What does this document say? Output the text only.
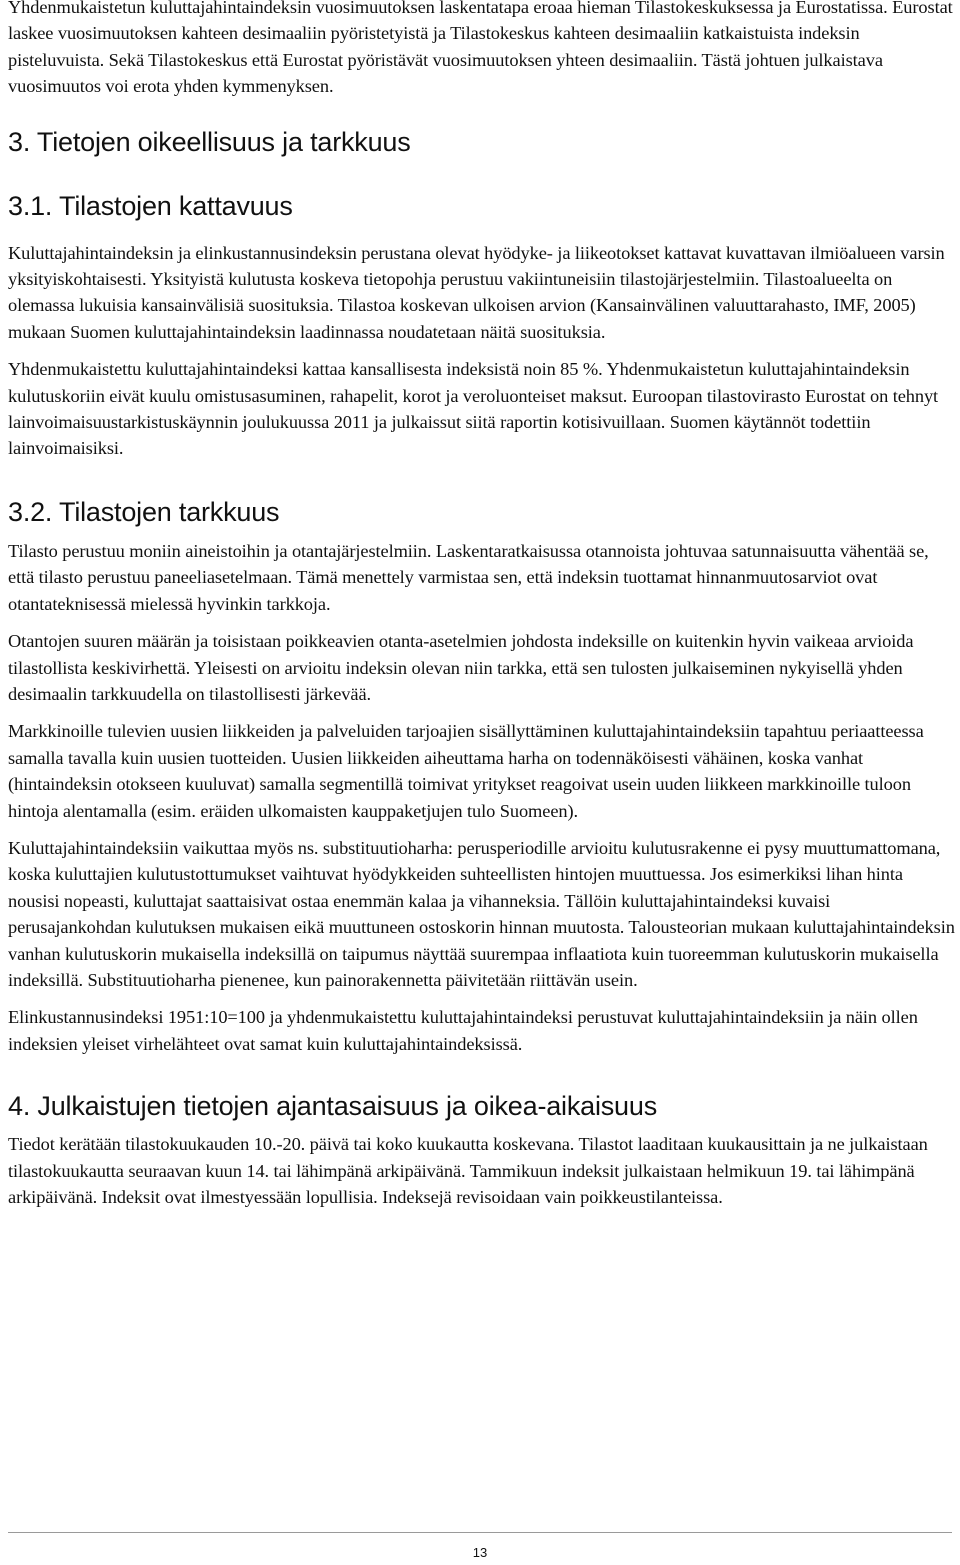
Yhdenmukaistetun kuluttajahintaindeksin vuosimuutoksen laskentatapa eroaa hieman Tilastokeskuksessa ja Eurostatissa. Eurostat laskee vuosimuutoksen kahteen desimaaliin pyöristetyistä ja Tilastokeskus kahteen desimaaliin katkaistuista indeksin pisteluvuista. Sekä Tilastokeskus että Eurostat pyöristävät vuosimuutoksen yhteen desimaaliin. Tästä johtuen julkaistava vuosimuutos voi erota yhden kymmenyksen.

3. Tietojen oikeellisuus ja tarkkuus
3.1. Tilastojen kattavuus

Kuluttajahintaindeksin ja elinkustannusindeksin perustana olevat hyödyke- ja liikeotokset kattavat kuvattavan ilmiöalueen varsin yksityiskohtaisesti. Yksityistä kulutusta koskeva tietopohja perustuu vakiintuneisiin tilastojärjestelmiin. Tilastoalueelta on olemassa lukuisia kansainvälisiä suosituksia. Tilastoa koskevan ulkoisen arvion (Kansainvälinen valuuttarahasto, IMF, 2005) mukaan Suomen kuluttajahintaindeksin laadinnassa noudatetaan näitä suosituksia.

Yhdenmukaistettu kuluttajahintaindeksi kattaa kansallisesta indeksistä noin 85 %. Yhdenmukaistetun kuluttajahintaindeksin kulutuskoriin eivät kuulu omistusasuminen, rahapelit, korot ja veroluonteiset maksut. Euroopan tilastovirasto Eurostat on tehnyt lainvoimaisuustarkistuskäynnin joulukuussa 2011 ja julkaissut siitä raportin kotisivuillaan. Suomen käytännöt todettiin lainvoimaisiksi.

3.2. Tilastojen tarkkuus

Tilasto perustuu moniin aineistoihin ja otantajärjestelmiin. Laskentaratkaisussa otannoista johtuvaa satunnaisuutta vähentää se, että tilasto perustuu paneeliasetelmaan. Tämä menettely varmistaa sen, että indeksin tuottamat hinnanmuutosarviot ovat otantateknisessä mielessä hyvinkin tarkkoja.

Otantojen suuren määrän ja toisistaan poikkeavien otanta-asetelmien johdosta indeksille on kuitenkin hyvin vaikeaa arvioida tilastollista keskivirhettä. Yleisesti on arvioitu indeksin olevan niin tarkka, että sen tulosten julkaiseminen nykyisellä yhden desimaalin tarkkuudella on tilastollisesti järkevää.

Markkinoille tulevien uusien liikkeiden ja palveluiden tarjoajien sisällyttäminen kuluttajahintaindeksiin tapahtuu periaatteessa samalla tavalla kuin uusien tuotteiden. Uusien liikkeiden aiheuttama harha on todennäköisesti vähäinen, koska vanhat (hintaindeksin otokseen kuuluvat) samalla segmentillä toimivat yritykset reagoivat usein uuden liikkeen markkinoille tuloon hintoja alentamalla (esim. eräiden ulkomaisten kauppaketjujen tulo Suomeen).

Kuluttajahintaindeksiin vaikuttaa myös ns. substituutioharha: perusperiodille arvioitu kulutusrakenne ei pysy muuttumattomana, koska kuluttajien kulutustottumukset vaihtuvat hyödykkeiden suhteellisten hintojen muuttuessa. Jos esimerkiksi lihan hinta nousisi nopeasti, kuluttajat saattaisivat ostaa enemmän kalaa ja vihanneksia. Tällöin kuluttajahintaindeksi kuvaisi perusajankohdan kulutuksen mukaisen eikä muuttuneen ostoskorin hinnan muutosta. Talousteorian mukaan kuluttajahintaindeksin vanhan kulutuskorin mukaisella indeksillä on taipumus näyttää suurempaa inflaatiota kuin tuoreemman kulutuskorin mukaisella indeksillä. Substituutioharha pienenee, kun painorakennetta päivitetään riittävän usein.

Elinkustannusindeksi 1951:10=100 ja yhdenmukaistettu kuluttajahintaindeksi perustuvat kuluttajahintaindeksiin ja näin ollen indeksien yleiset virhelähteet ovat samat kuin kuluttajahintaindeksissä.

4. Julkaistujen tietojen ajantasaisuus ja oikea-aikaisuus

Tiedot kerätään tilastokuukauden 10.-20. päivä tai koko kuukautta koskevana. Tilastot laaditaan kuukausittain ja ne julkaistaan tilastokuukautta seuraavan kuun 14. tai lähimpänä arkipäivänä. Tammikuun indeksit julkaistaan helmikuun 19. tai lähimpänä arkipäivänä. Indeksit ovat ilmestyessään lopullisia. Indeksejä revisoidaan vain poikkeustilanteissa.

13
